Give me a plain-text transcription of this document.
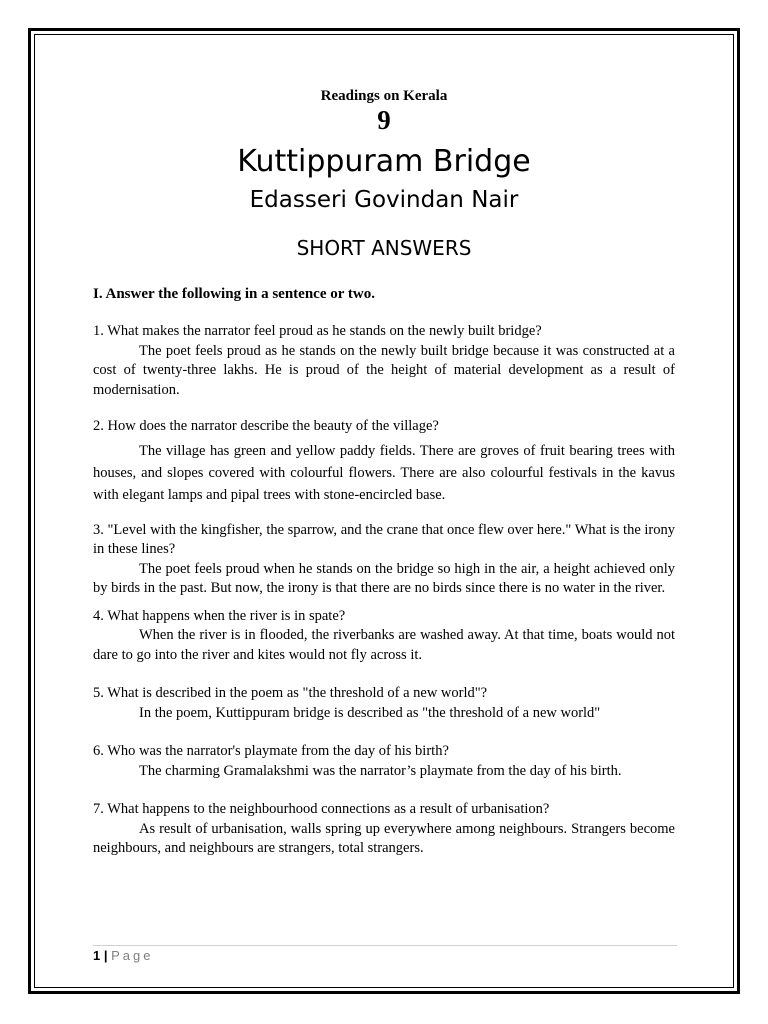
Readings on Kerala
9
Kuttippuram Bridge
Edasseri Govindan Nair
SHORT ANSWERS
I. Answer the following in a sentence or two.

1. What makes the narrator feel proud as he stands on the newly built bridge?

The poet feels proud as he stands on the newly built bridge because it was constructed at a cost of twenty-three lakhs. He is proud of the height of material development as a result of modernisation.

2. How does the narrator describe the beauty of the village?

The village has green and yellow paddy fields. There are groves of fruit bearing trees with houses, and slopes covered with colourful flowers. There are also colourful festivals in the kavus with elegant lamps and pipal trees with stone-encircled base.

3. "Level with the kingfisher, the sparrow, and the crane that once flew over here." What is the irony in these lines?

The poet feels proud when he stands on the bridge so high in the air, a height achieved only by birds in the past. But now, the irony is that there are no birds since there is no water in the river.

4. What happens when the river is in spate?

When the river is in flooded, the riverbanks are washed away. At that time, boats would not dare to go into the river and kites would not fly across it.

5. What is described in the poem as "the threshold of a new world"?

In the poem, Kuttippuram bridge is described as "the threshold of a new world"

6. Who was the narrator's playmate from the day of his birth?

The charming Gramalakshmi was the narrator’s playmate from the day of his birth.

7. What happens to the neighbourhood connections as a result of urbanisation?

As result of urbanisation, walls spring up everywhere among neighbours. Strangers become neighbours, and neighbours are strangers, total strangers.

1 | Page
